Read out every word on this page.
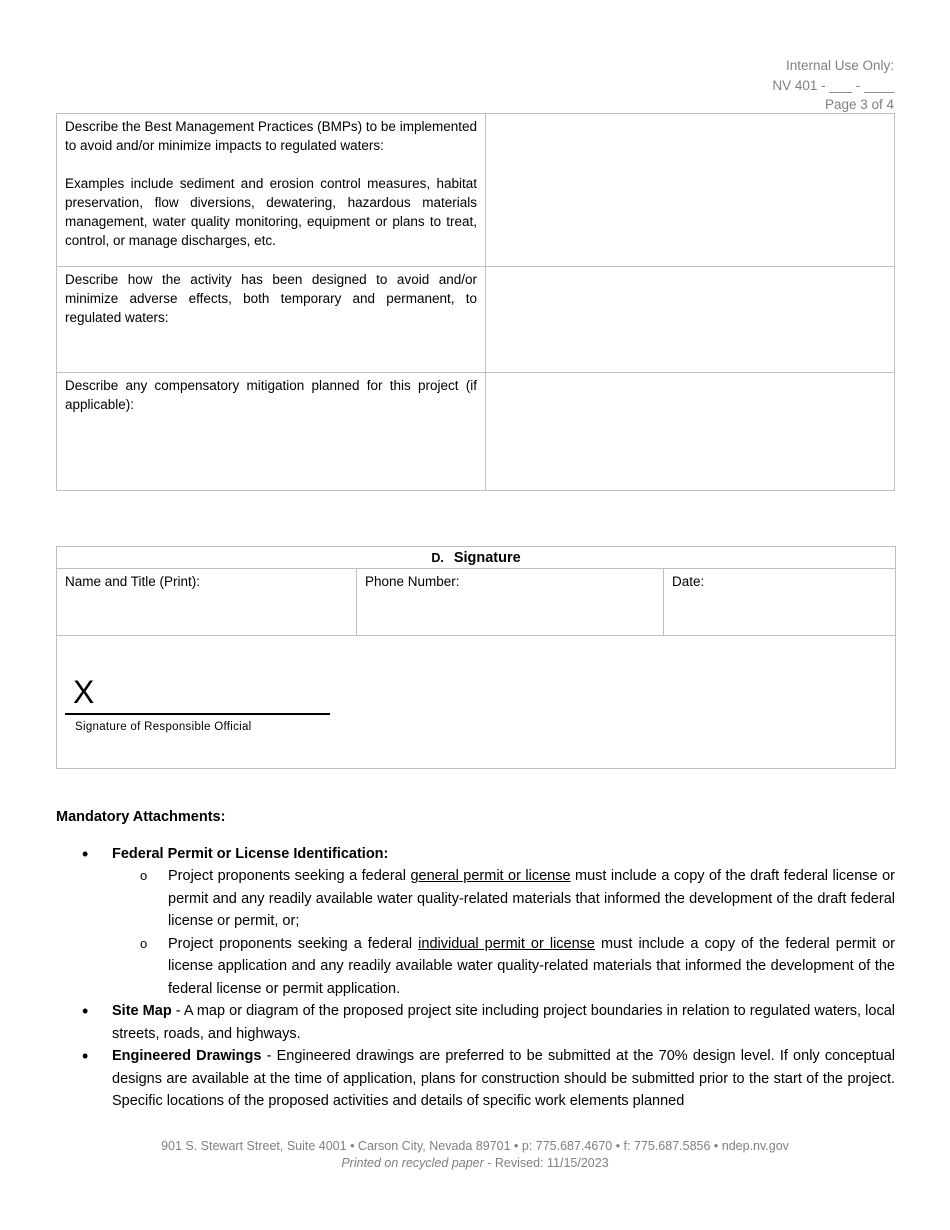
Internal Use Only:
NV 401 - ___ - ____
Page 3 of 4
Describe the Best Management Practices (BMPs) to be implemented to avoid and/or minimize impacts to regulated waters:
Examples include sediment and erosion control measures, habitat preservation, flow diversions, dewatering, hazardous materials management, water quality monitoring, equipment or plans to treat, control, or manage discharges, etc.	

Describe how the activity has been designed to avoid and/or minimize adverse effects, both temporary and permanent, to regulated waters:	
Describe any compensatory mitigation planned for this project (if applicable):	
D. Signature
Name and Title (Print):	Phone Number:	Date:

X
Signature of Responsible Official
Mandatory Attachments:
• Federal Permit or License Identification:
o Project proponents seeking a federal general permit or license must include a copy of the draft federal license or permit and any readily available water quality-related materials that informed the development of the draft federal license or permit, or;
o Project proponents seeking a federal individual permit or license must include a copy of the federal permit or license application and any readily available water quality-related materials that informed the development of the federal license or permit application.
• Site Map - A map or diagram of the proposed project site including project boundaries in relation to regulated waters, local streets, roads, and highways.
• Engineered Drawings - Engineered drawings are preferred to be submitted at the 70% design level. If only conceptual designs are available at the time of application, plans for construction should be submitted prior to the start of the project. Specific locations of the proposed activities and details of specific work elements planned
901 S. Stewart Street, Suite 4001 • Carson City, Nevada 89701 • p: 775.687.4670 • f: 775.687.5856 • ndep.nv.gov
Printed on recycled paper - Revised: 11/15/2023
